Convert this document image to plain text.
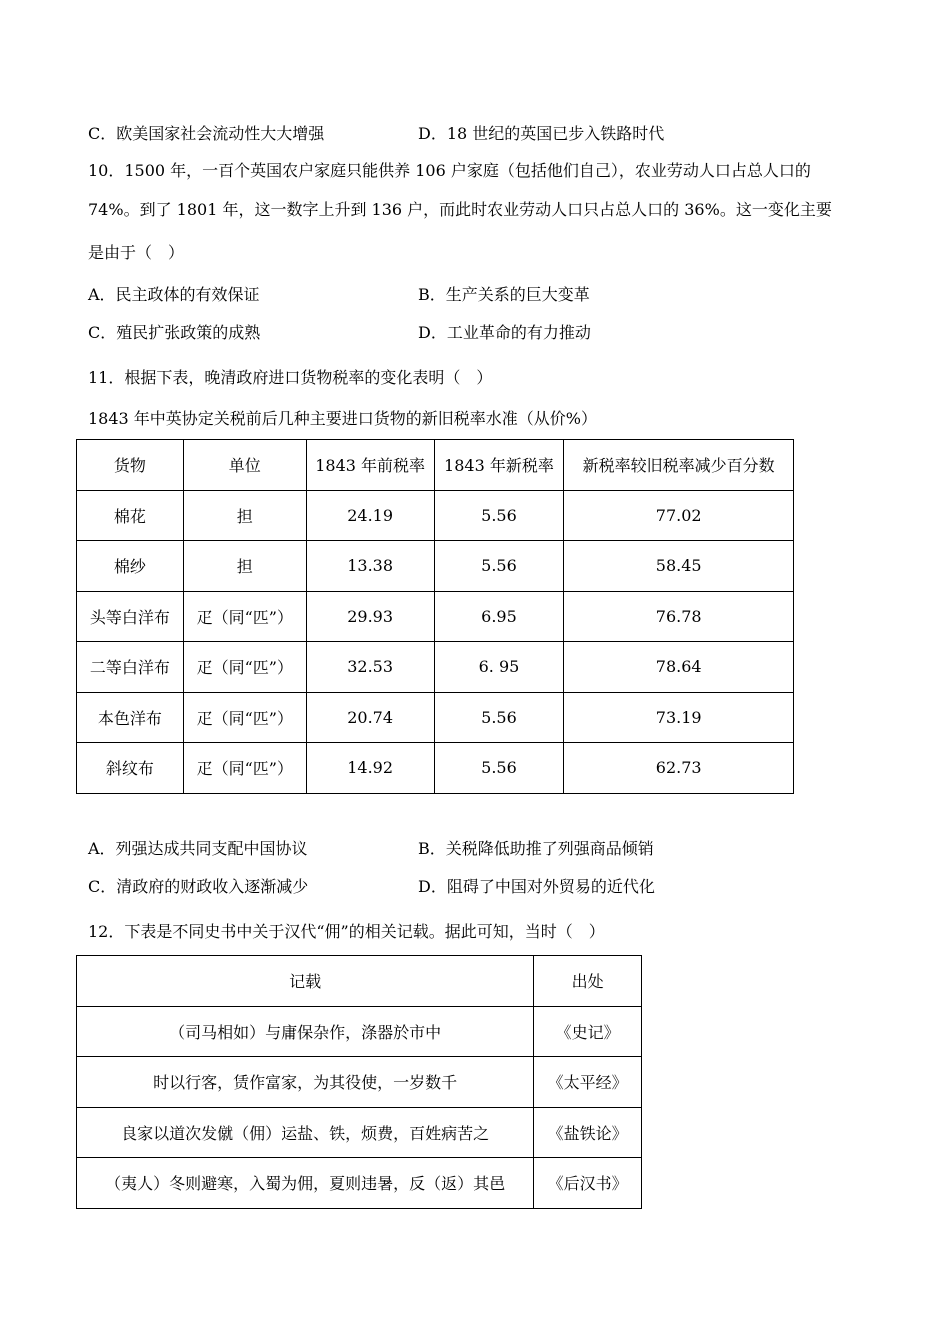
C．欧美国家社会流动性大大增强	D．18 世纪的英国已步入铁路时代
10．1500 年，一百个英国农户家庭只能供养 106 户家庭（包括他们自己），农业劳动人口占总人口的
74%。到了 1801 年，这一数字上升到 136 户，而此时农业劳动人口只占总人口的 36%。这一变化主要
是由于（　）
A．民主政体的有效保证	B．生产关系的巨大变革
C．殖民扩张政策的成熟	D．工业革命的有力推动
11．根据下表，晚清政府进口货物税率的变化表明（　）
1843 年中英协定关税前后几种主要进口货物的新旧税率水准（从价%）
货物	单位	1843 年前税率	1843 年新税率	新税率较旧税率减少百分数
棉花	担	24.19	5.56	77.02
棉纱	担	13.38	5.56	58.45
头等白洋布	疋（同“匹”）	29.93	6.95	76.78
二等白洋布	疋（同“匹”）	32.53	6. 95	78.64
本色洋布	疋（同“匹”）	20.74	5.56	73.19
斜纹布	疋（同“匹”）	14.92	5.56	62.73
A．列强达成共同支配中国协议	B．关税降低助推了列强商品倾销
C．清政府的财政收入逐渐减少	D．阻碍了中国对外贸易的近代化
12．下表是不同史书中关于汉代“佣”的相关记载。据此可知，当时（　）
记载	出处
（司马相如）与庸保杂作，涤器於市中	《史记》
时以行客，赁作富家，为其役使，一岁数千	《太平经》
良家以道次发僦（佣）运盐、铁，烦费，百姓病苦之	《盐铁论》
（夷人）冬则避寒，入蜀为佣，夏则违暑，反（返）其邑	《后汉书》
